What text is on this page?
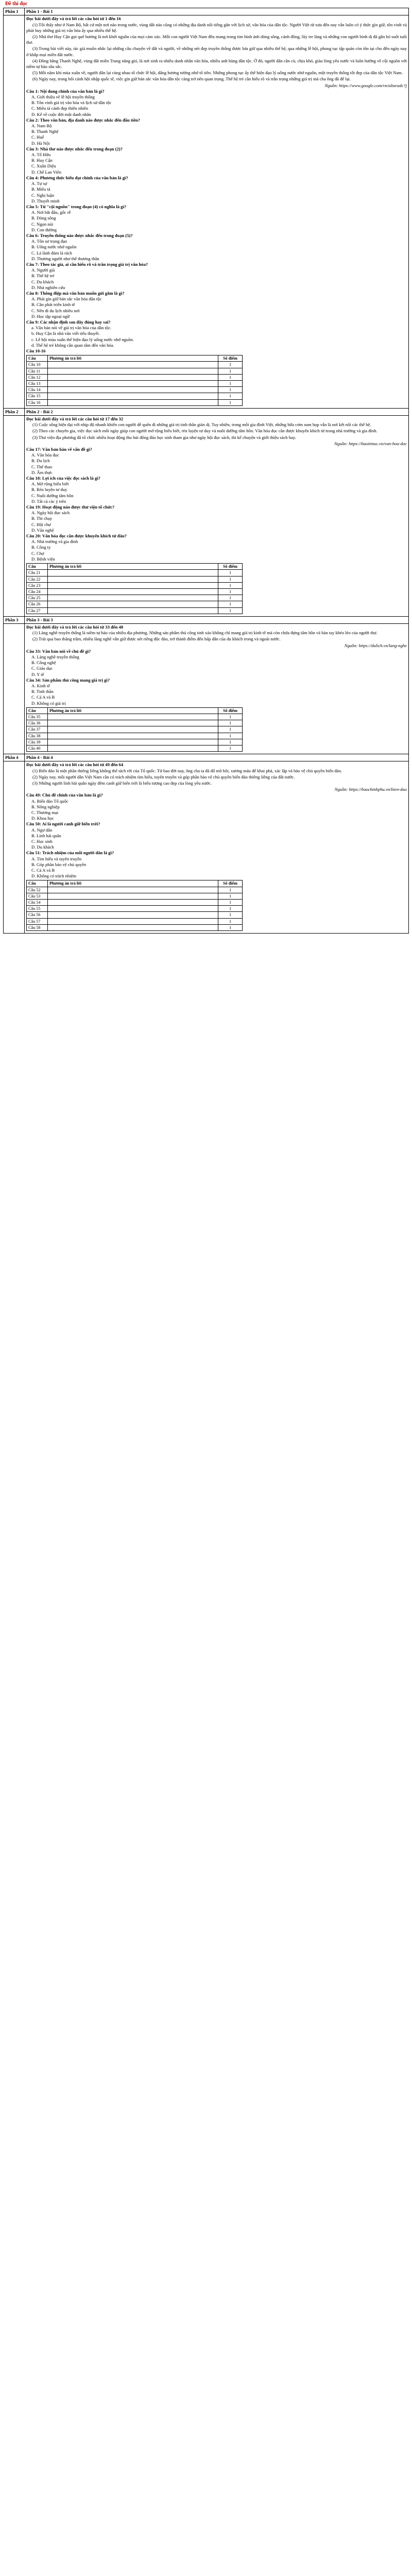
Đề thi đọc
Phần 1	Phần 1 - Bài 1

Đọc bài dưới đây và trả lời các câu hỏi từ 1 đến 16

(1) Tôi thấy như ở Nam Bộ, bất cứ một nơi nào trong nước, vùng đất nào cũng có những địa danh nổi tiếng gắn với lịch sử, văn hóa của dân tộc. Người Việt từ xưa đến nay vẫn luôn có ý thức gìn giữ, tôn vinh và phát huy những giá trị văn hóa ấy qua nhiều thế hệ.

(2) Nhà thơ Huy Cận gọi quê hương là nơi khởi nguồn của mọi cảm xúc. Mỗi con người Việt Nam đều mang trong tim hình ảnh dòng sông, cánh đồng, lũy tre làng và những con người bình dị đã gắn bó suốt tuổi thơ.

(3) Trong bài viết này, tác giả muốn nhắc lại những câu chuyện về đất và người, về những nét đẹp truyền thống được lưu giữ qua nhiều thế hệ, qua những lễ hội, phong tục tập quán còn tồn tại cho đến ngày nay ở khắp mọi miền đất nước.

(4) Đồng bằng Thanh Nghệ, vùng đất miền Trung nắng gió, là nơi sinh ra nhiều danh nhân văn hóa, nhiều anh hùng dân tộc. Ở đó, người dân cần cù, chịu khó, giàu lòng yêu nước và luôn hướng về cội nguồn với niềm tự hào sâu sắc.

(5) Mỗi năm khi mùa xuân về, người dân lại cùng nhau tổ chức lễ hội, dâng hương tưởng nhớ tổ tiên. Những phong tục ấy thể hiện đạo lý uống nước nhớ nguồn, một truyền thống tốt đẹp của dân tộc Việt Nam.

(6) Ngày nay, trong bối cảnh hội nhập quốc tế, việc gìn giữ bản sắc văn hóa dân tộc càng trở nên quan trọng. Thế hệ trẻ cần hiểu rõ và trân trọng những giá trị mà cha ông đã để lại.

Nguồn: https://www.google.com/vn/alturadc?j
Câu 1: Nội dung chính của văn bản là gì?
A. Giới thiệu về lễ hội truyền thống
B. Tôn vinh giá trị văn hóa và lịch sử dân tộc
C. Miêu tả cảnh đẹp thiên nhiên
D. Kể về cuộc đời một danh nhân
Câu 2: Theo văn bản, địa danh nào được nhắc đến đầu tiên?
A. Nam Bộ
B. Thanh Nghệ
C. Huế
D. Hà Nội
Câu 3: Nhà thơ nào được nhắc đến trong đoạn (2)?
A. Tố Hữu
B. Huy Cận
C. Xuân Diệu
D. Chế Lan Viên
Câu 4: Phương thức biểu đạt chính của văn bản là gì?
A. Tự sự
B. Miêu tả
C. Nghị luận
D. Thuyết minh
Câu 5: Từ "cội nguồn" trong đoạn (4) có nghĩa là gì?
A. Nơi bắt đầu, gốc rễ
B. Dòng sông
C. Ngọn núi
D. Con đường
Câu 6: Truyền thống nào được nhắc đến trong đoạn (5)?
A. Tôn sư trọng đạo
B. Uống nước nhớ nguồn
C. Lá lành đùm lá rách
D. Thương người như thể thương thân
Câu 7: Theo tác giả, ai cần hiểu rõ và trân trọng giá trị văn hóa?
A. Người già
B. Thế hệ trẻ
C. Du khách
D. Nhà nghiên cứu
Câu 8: Thông điệp mà văn bản muốn gửi gắm là gì?
A. Phải gìn giữ bản sắc văn hóa dân tộc
B. Cần phát triển kinh tế
C. Nên đi du lịch nhiều nơi
D. Học tập ngoại ngữ
Câu 9: Các nhận định sau đây đúng hay sai?
a. Văn bản nói về giá trị văn hóa của dân tộc.
b. Huy Cận là nhà văn viết tiểu thuyết.
c. Lễ hội mùa xuân thể hiện đạo lý uống nước nhớ nguồn.
d. Thế hệ trẻ không cần quan tâm đến văn hóa.
Câu 10-16
Câu	Phương án trả lời	Số điểm
Câu 10		1
Câu 11		1
Câu 12		1
Câu 13		1
Câu 14		1
Câu 15		1
Câu 16		1

Phần 2	Phần 2 - Bài 2

Đọc bài dưới đây và trả lời các câu hỏi từ 17 đến 32

(1) Cuộc sống hiện đại với nhịp độ nhanh khiến con người dễ quên đi những giá trị tinh thần giản dị. Tuy nhiên, trong mỗi gia đình Việt, những bữa cơm sum họp vẫn là nơi kết nối các thế hệ.

(2) Theo các chuyên gia, việc đọc sách mỗi ngày giúp con người mở rộng hiểu biết, rèn luyện tư duy và nuôi dưỡng tâm hồn. Văn hóa đọc cần được khuyến khích từ trong nhà trường và gia đình.

(3) Thư viện địa phương đã tổ chức nhiều hoạt động thu hút đông đảo học sinh tham gia như ngày hội đọc sách, thi kể chuyện và giới thiệu sách hay.

Nguồn: https://baotintuc.vn/van-hoa-doc
Câu 17: Văn bản bàn về vấn đề gì?
A. Văn hóa đọc
B. Du lịch
C. Thể thao
D. Ẩm thực
Câu 18: Lợi ích của việc đọc sách là gì?
A. Mở rộng hiểu biết
B. Rèn luyện tư duy
C. Nuôi dưỡng tâm hồn
D. Tất cả các ý trên
Câu 19: Hoạt động nào được thư viện tổ chức?
A. Ngày hội đọc sách
B. Thi chạy
C. Hội chợ
D. Văn nghệ
Câu 20: Văn hóa đọc cần được khuyến khích từ đâu?
A. Nhà trường và gia đình
B. Công ty
C. Chợ
D. Bệnh viện
Câu	Phương án trả lời	Số điểm
Câu 21		1
Câu 22		1
Câu 23		1
Câu 24		1
Câu 25		1
Câu 26		1
Câu 27		1

Phần 3	Phần 3 - Bài 3

Đọc bài dưới đây và trả lời các câu hỏi từ 33 đến 48

(1) Làng nghề truyền thống là niềm tự hào của nhiều địa phương. Những sản phẩm thủ công tinh xảo không chỉ mang giá trị kinh tế mà còn chứa đựng tâm hồn và bàn tay khéo léo của người thợ.

(2) Trải qua bao thăng trầm, nhiều làng nghề vẫn giữ được nét riêng độc đáo, trở thành điểm đến hấp dẫn của du khách trong và ngoài nước.

Nguồn: https://dulich.vn/lang-nghe
Câu 33: Văn bản nói về chủ đề gì?
A. Làng nghề truyền thống
B. Công nghệ
C. Giáo dục
D. Y tế
Câu 34: Sản phẩm thủ công mang giá trị gì?
A. Kinh tế
B. Tinh thần
C. Cả A và B
D. Không có giá trị
Câu	Phương án trả lời	Số điểm
Câu 35		1
Câu 36		1
Câu 37		1
Câu 38		1
Câu 39		1
Câu 40		1

Phần 4	Phần 4 - Bài 4

Đọc bài dưới đây và trả lời các câu hỏi từ 49 đến 64

(1) Biển đảo là một phần thiêng liêng không thể tách rời của Tổ quốc. Từ bao đời nay, ông cha ta đã đổ mồ hôi, xương máu để khai phá, xác lập và bảo vệ chủ quyền biển đảo.

(2) Ngày nay, mỗi người dân Việt Nam cần có trách nhiệm tìm hiểu, tuyên truyền và góp phần bảo vệ chủ quyền biển đảo thiêng liêng của đất nước.

(3) Những người lính hải quân ngày đêm canh giữ biển trời là biểu tượng cao đẹp của lòng yêu nước.

Nguồn: https://baochinhphu.vn/bien-dao
Câu 49: Chủ đề chính của văn bản là gì?
A. Biển đảo Tổ quốc
B. Nông nghiệp
C. Thương mại
D. Khoa học
Câu 50: Ai là người canh giữ biển trời?
A. Ngư dân
B. Lính hải quân
C. Học sinh
D. Du khách
Câu 51: Trách nhiệm của mỗi người dân là gì?
A. Tìm hiểu và tuyên truyền
B. Góp phần bảo vệ chủ quyền
C. Cả A và B
D. Không có trách nhiệm
Câu	Phương án trả lời	Số điểm
Câu 52		1
Câu 53		1
Câu 54		1
Câu 55		1
Câu 56		1
Câu 57		1
Câu 58		1
